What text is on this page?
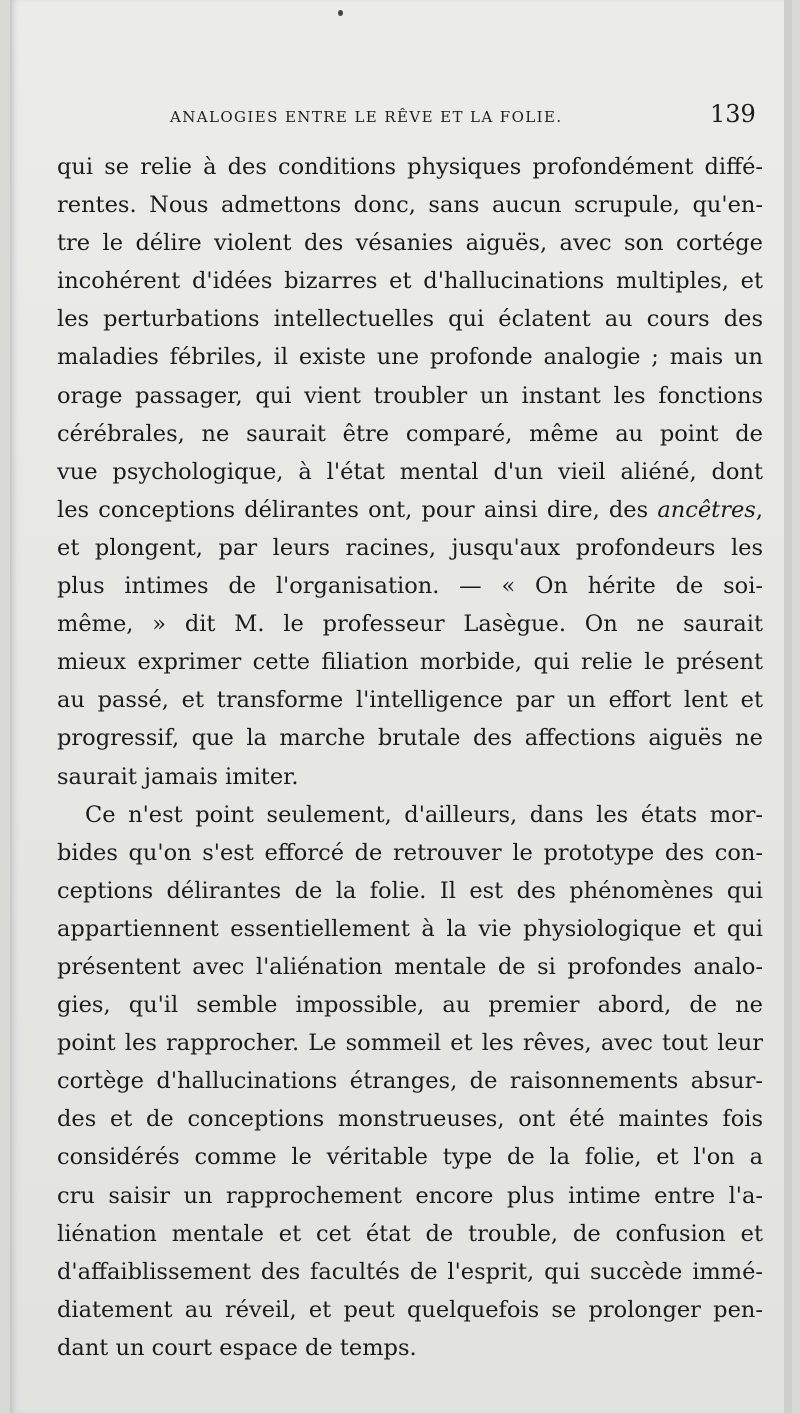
ANALOGIES ENTRE LE RÊVE ET LA FOLIE.	139
qui se relie à des conditions physiques profondément diffé-
rentes. Nous admettons donc, sans aucun scrupule, qu'en-
tre le délire violent des vésanies aiguës, avec son cortége
incohérent d'idées bizarres et d'hallucinations multiples, et
les perturbations intellectuelles qui éclatent au cours des
maladies fébriles, il existe une profonde analogie ; mais un
orage passager, qui vient troubler un instant les fonctions
cérébrales, ne saurait être comparé, même au point de
vue psychologique, à l'état mental d'un vieil aliéné, dont
les conceptions délirantes ont, pour ainsi dire, des ancêtres,
et plongent, par leurs racines, jusqu'aux profondeurs les
plus intimes de l'organisation. — « On hérite de soi-
même, » dit M. le professeur Lasègue. On ne saurait
mieux exprimer cette filiation morbide, qui relie le présent
au passé, et transforme l'intelligence par un effort lent et
progressif, que la marche brutale des affections aiguës ne
saurait jamais imiter.
Ce n'est point seulement, d'ailleurs, dans les états mor-
bides qu'on s'est efforcé de retrouver le prototype des con-
ceptions délirantes de la folie. Il est des phénomènes qui
appartiennent essentiellement à la vie physiologique et qui
présentent avec l'aliénation mentale de si profondes analo-
gies, qu'il semble impossible, au premier abord, de ne
point les rapprocher. Le sommeil et les rêves, avec tout leur
cortège d'hallucinations étranges, de raisonnements absur-
des et de conceptions monstrueuses, ont été maintes fois
considérés comme le véritable type de la folie, et l'on a
cru saisir un rapprochement encore plus intime entre l'a-
liénation mentale et cet état de trouble, de confusion et
d'affaiblissement des facultés de l'esprit, qui succède immé-
diatement au réveil, et peut quelquefois se prolonger pen-
dant un court espace de temps.
